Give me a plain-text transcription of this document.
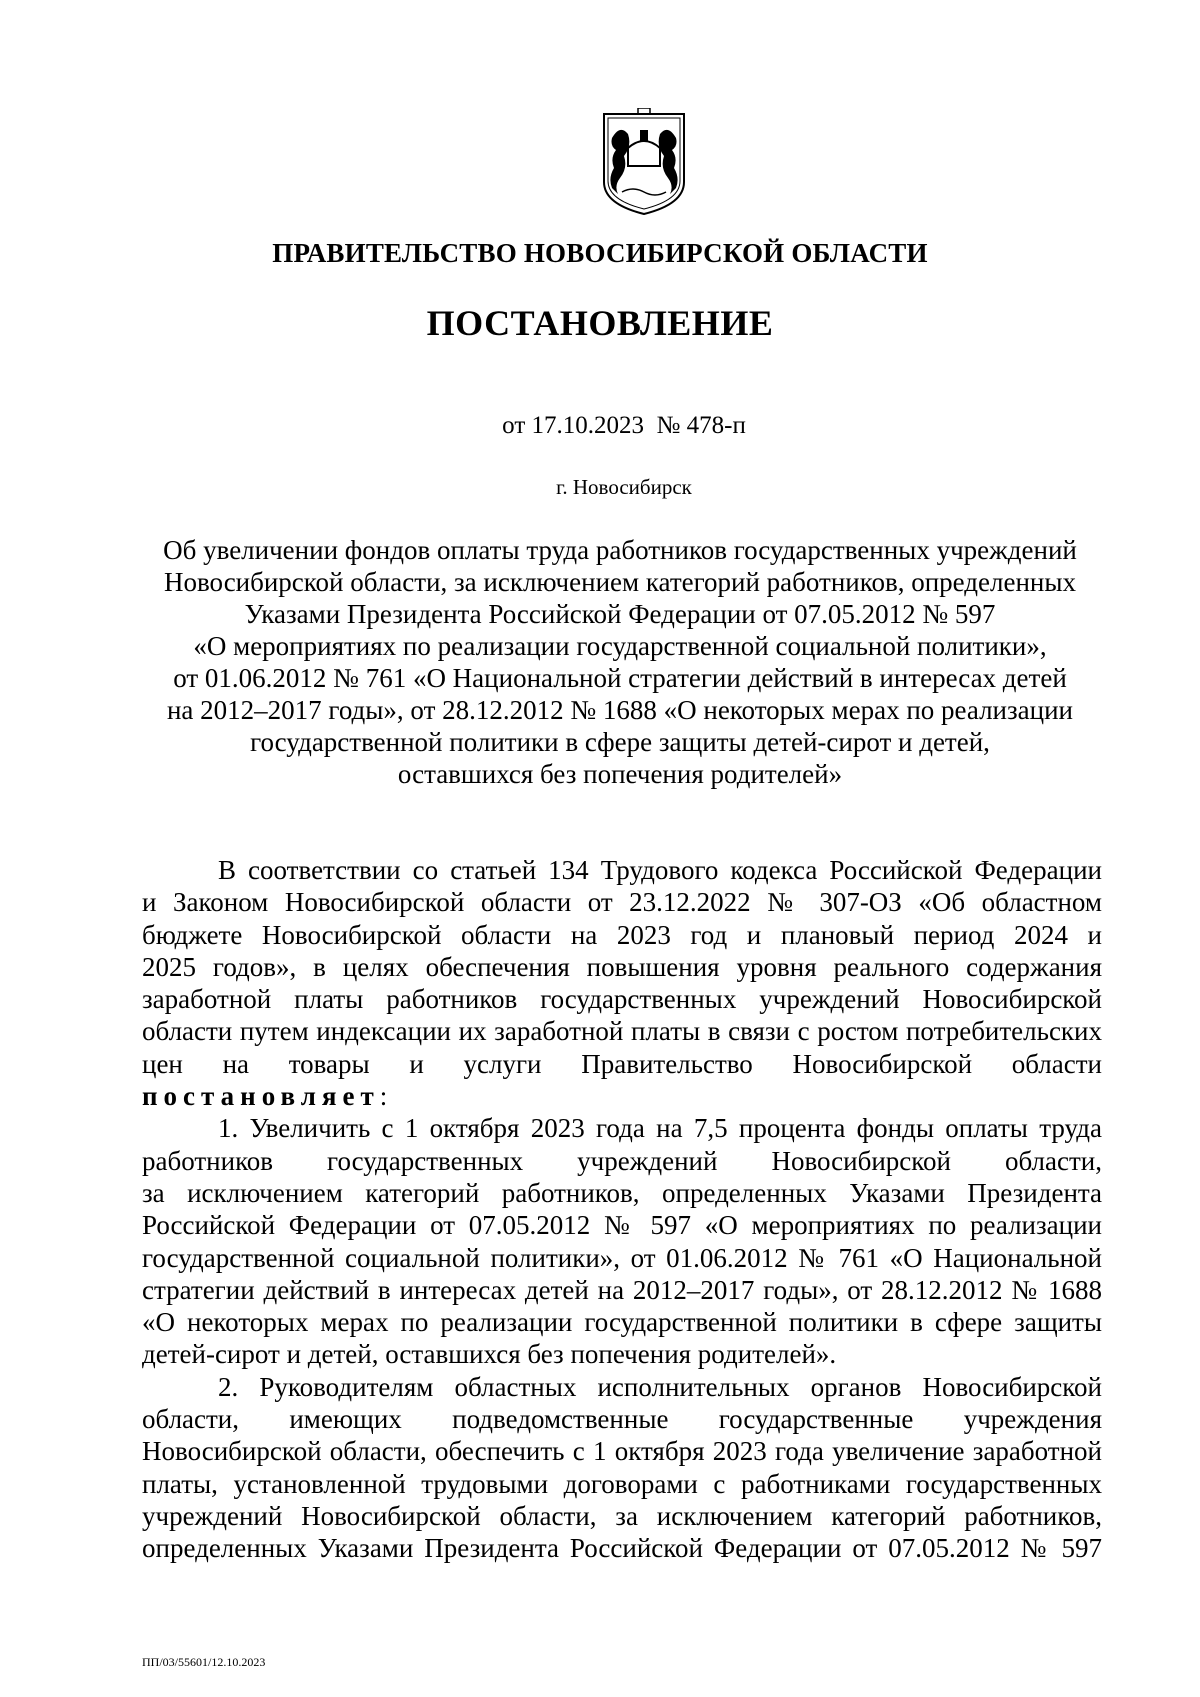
ПРАВИТЕЛЬСТВО НОВОСИБИРСКОЙ ОБЛАСТИ
ПОСТАНОВЛЕНИЕ
от 17.10.2023  № 478-п
г. Новосибирск
Об увеличении фондов оплаты труда работников государственных учреждений
Новосибирской области, за исключением категорий работников, определенных
Указами Президента Российской Федерации от 07.05.2012 № 597
«О мероприятиях по реализации государственной социальной политики»,
от 01.06.2012 № 761 «О Национальной стратегии действий в интересах детей
на 2012–2017 годы», от 28.12.2012 № 1688 «О некоторых мерах по реализации
государственной политики в сфере защиты детей-сирот и детей,
оставшихся без попечения родителей»
В соответствии со статьей 134 Трудового кодекса Российской Федерации
и Законом Новосибирской области от 23.12.2022 № 307-ОЗ «Об областном
бюджете Новосибирской области на 2023 год и плановый период 2024 и
2025 годов», в целях обеспечения повышения уровня реального содержания
заработной платы работников государственных учреждений Новосибирской
области путем индексации их заработной платы в связи с ростом потребительских
цен на товары и услуги Правительство Новосибирской области
постановляет:
1. Увеличить с 1 октября 2023 года на 7,5 процента фонды оплаты труда
работников государственных учреждений Новосибирской области,
за исключением категорий работников, определенных Указами Президента
Российской Федерации от 07.05.2012 № 597 «О мероприятиях по реализации
государственной социальной политики», от 01.06.2012 № 761 «О Национальной
стратегии действий в интересах детей на 2012–2017 годы», от 28.12.2012 № 1688
«О некоторых мерах по реализации государственной политики в сфере защиты
детей-сирот и детей, оставшихся без попечения родителей».
2. Руководителям областных исполнительных органов Новосибирской
области, имеющих подведомственные государственные учреждения
Новосибирской области, обеспечить с 1 октября 2023 года увеличение заработной
платы, установленной трудовыми договорами с работниками государственных
учреждений Новосибирской области, за исключением категорий работников,
определенных Указами Президента Российской Федерации от 07.05.2012 № 597
ПП/03/55601/12.10.2023
